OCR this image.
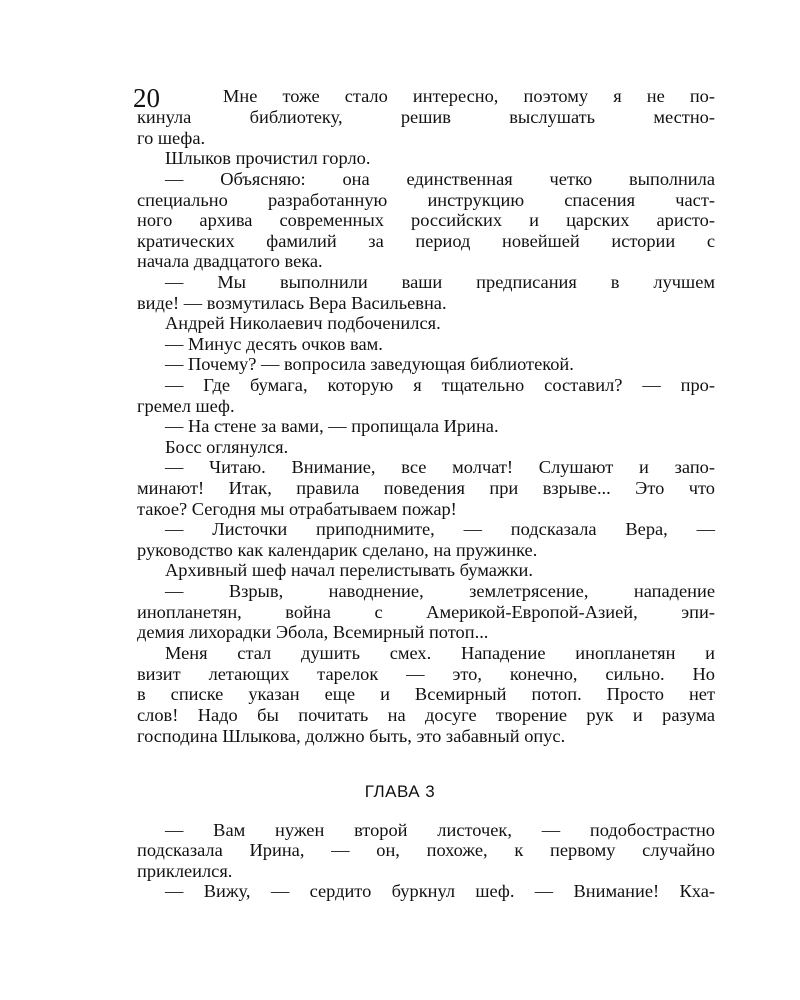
20	Мне тоже стало интересно, поэтому я не по-
кинула библиотеку, решив выслушать местно-
го шефа.
Шлыков прочистил горло.
— Объясняю: она единственная четко выполнила
специально разработанную инструкцию спасения част-
ного архива современных российских и царских аристо-
кратических фамилий за период новейшей истории с
начала двадцатого века.
— Мы выполнили ваши предписания в лучшем
виде! — возмутилась Вера Васильевна.
Андрей Николаевич подбоченился.
— Минус десять очков вам.
— Почему? — вопросила заведующая библиотекой.
— Где бумага, которую я тщательно составил? — про-
гремел шеф.
— На стене за вами, — пропищала Ирина.
Босс оглянулся.
— Читаю. Внимание, все молчат! Слушают и запо-
минают! Итак, правила поведения при взрыве... Это что
такое? Сегодня мы отрабатываем пожар!
— Листочки приподнимите, — подсказала Вера, —
руководство как календарик сделано, на пружинке.
Архивный шеф начал перелистывать бумажки.
— Взрыв, наводнение, землетрясение, нападение
инопланетян, война с Америкой-Европой-Азией, эпи-
демия лихорадки Эбола, Всемирный потоп...
Меня стал душить смех. Нападение инопланетян и
визит летающих тарелок — это, конечно, сильно. Но
в списке указан еще и Всемирный потоп. Просто нет
слов! Надо бы почитать на досуге творение рук и разума
господина Шлыкова, должно быть, это забавный опус.
ГЛАВА 3
— Вам нужен второй листочек, — подобострастно
подсказала Ирина, — он, похоже, к первому случайно
приклеился.
— Вижу, — сердито буркнул шеф. — Внимание! Кха-
